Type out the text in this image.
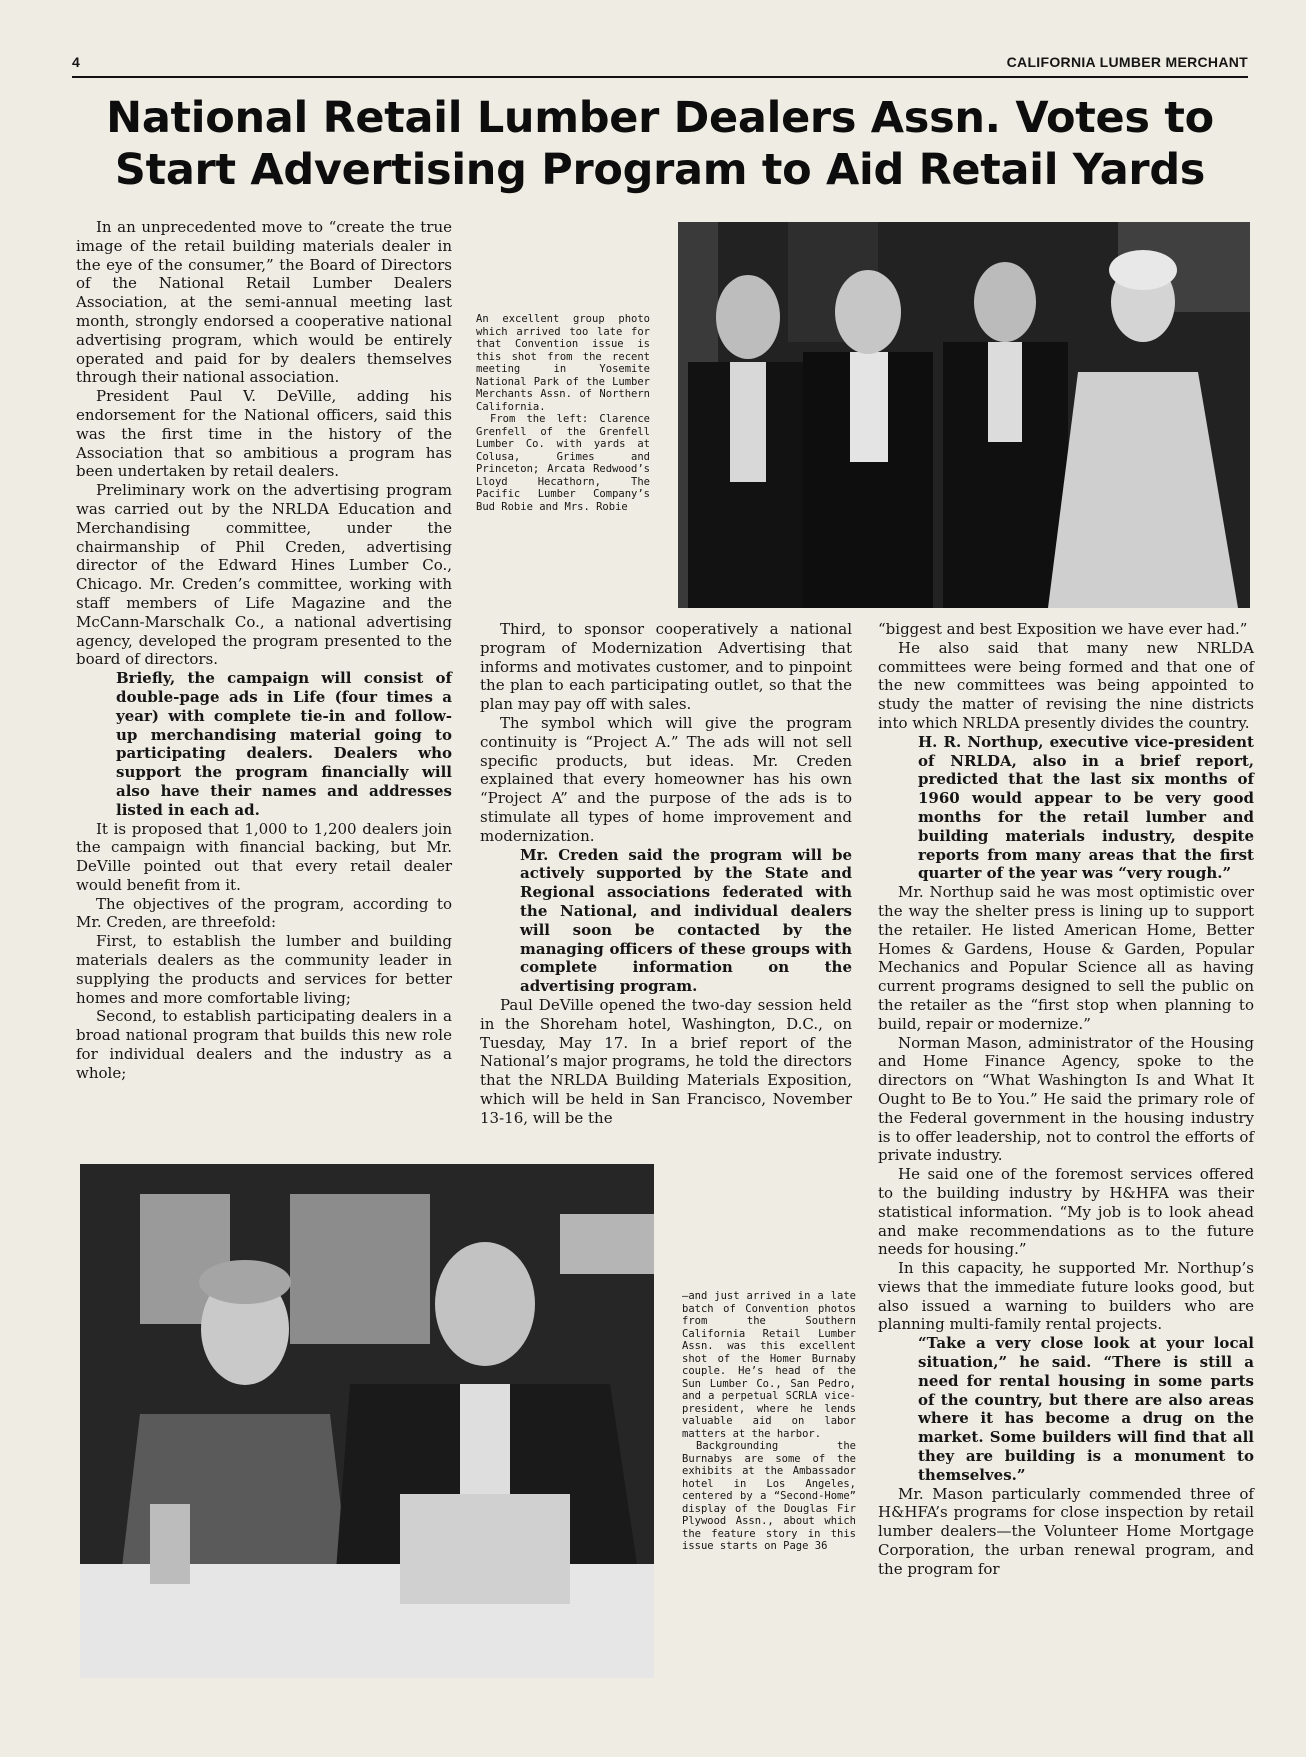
4	CALIFORNIA LUMBER MERCHANT
National Retail Lumber Dealers Assn. Votes to
Start Advertising Program to Aid Retail Yards

In an unprecedented move to “create the true image of the retail building materials dealer in the eye of the consumer,” the Board of Directors of the National Retail Lumber Dealers Association, at the semi-annual meeting last month, strongly endorsed a cooperative national advertising program, which would be entirely operated and paid for by dealers themselves through their national association.

President Paul V. DeVille, adding his endorsement for the National officers, said this was the first time in the history of the Association that so ambitious a program has been undertaken by retail dealers.

Preliminary work on the advertising program was carried out by the NRLDA Education and Merchandising committee, under the chairmanship of Phil Creden, advertising director of the Edward Hines Lumber Co., Chicago. Mr. Creden’s committee, working with staff members of Life Magazine and the McCann-Marschalk Co., a national advertising agency, developed the program presented to the board of directors.

Briefly, the campaign will consist of double-page ads in Life (four times a year) with complete tie-in and follow-up merchandising material going to participating dealers. Dealers who support the program financially will also have their names and addresses listed in each ad.

It is proposed that 1,000 to 1,200 dealers join the campaign with financial backing, but Mr. DeVille pointed out that every retail dealer would benefit from it.

The objectives of the program, according to Mr. Creden, are threefold:

First, to establish the lumber and building materials dealers as the community leader in supplying the products and services for better homes and more comfortable living;

Second, to establish participating dealers in a broad national program that builds this new role for individual dealers and the industry as a whole;

An excellent group photo which arrived too late for that Convention issue is this shot from the recent meeting in Yosemite National Park of the Lumber Merchants Assn. of Northern California.

From the left: Clarence Grenfell of the Grenfell Lumber Co. with yards at Colusa, Grimes and Princeton; Arcata Redwood’s Lloyd Hecathorn, The Pacific Lumber Company’s Bud Robie and Mrs. Robie

Third, to sponsor cooperatively a national program of Modernization Advertising that informs and motivates customer, and to pinpoint the plan to each participating outlet, so that the plan may pay off with sales.

The symbol which will give the program continuity is “Project A.” The ads will not sell specific products, but ideas. Mr. Creden explained that every homeowner has his own “Project A” and the purpose of the ads is to stimulate all types of home improvement and modernization.

Mr. Creden said the program will be actively supported by the State and Regional associations federated with the National, and individual dealers will soon be contacted by the managing officers of these groups with complete information on the advertising program.

Paul DeVille opened the two-day session held in the Shoreham hotel, Washington, D.C., on Tuesday, May 17. In a brief report of the National’s major programs, he told the directors that the NRLDA Building Materials Exposition, which will be held in San Francisco, November 13-16, will be the

“biggest and best Exposition we have ever had.”

He also said that many new NRLDA committees were being formed and that one of the new committees was being appointed to study the matter of revising the nine districts into which NRLDA presently divides the country.

H. R. Northup, executive vice-president of NRLDA, also in a brief report, predicted that the last six months of 1960 would appear to be very good months for the retail lumber and building materials industry, despite reports from many areas that the first quarter of the year was “very rough.”

Mr. Northup said he was most optimistic over the way the shelter press is lining up to support the retailer. He listed American Home, Better Homes & Gardens, House & Garden, Popular Mechanics and Popular Science all as having current programs designed to sell the public on the retailer as the “first stop when planning to build, repair or modernize.”

Norman Mason, administrator of the Housing and Home Finance Agency, spoke to the directors on “What Washington Is and What It Ought to Be to You.” He said the primary role of the Federal government in the housing industry is to offer leadership, not to control the efforts of private industry.

He said one of the foremost services offered to the building industry by H&HFA was their statistical information. “My job is to look ahead and make recommendations as to the future needs for housing.”

In this capacity, he supported Mr. Northup’s views that the immediate future looks good, but also issued a warning to builders who are planning multi-family rental projects.

“Take a very close look at your local situation,” he said. “There is still a need for rental housing in some parts of the country, but there are also areas where it has become a drug on the market. Some builders will find that all they are building is a monument to themselves.”

Mr. Mason particularly commended three of H&HFA’s programs for close inspection by retail lumber dealers—the Volunteer Home Mortgage Corporation, the urban renewal program, and the program for

—and just arrived in a late batch of Convention photos from the Southern California Retail Lumber Assn. was this excellent shot of the Homer Burnaby couple. He’s head of the Sun Lumber Co., San Pedro, and a perpetual SCRLA vice-president, where he lends valuable aid on labor matters at the harbor.

Backgrounding the Burnabys are some of the exhibits at the Ambassador hotel in Los Angeles, centered by a “Second-Home” display of the Douglas Fir Plywood Assn., about which the feature story in this issue starts on Page 36
